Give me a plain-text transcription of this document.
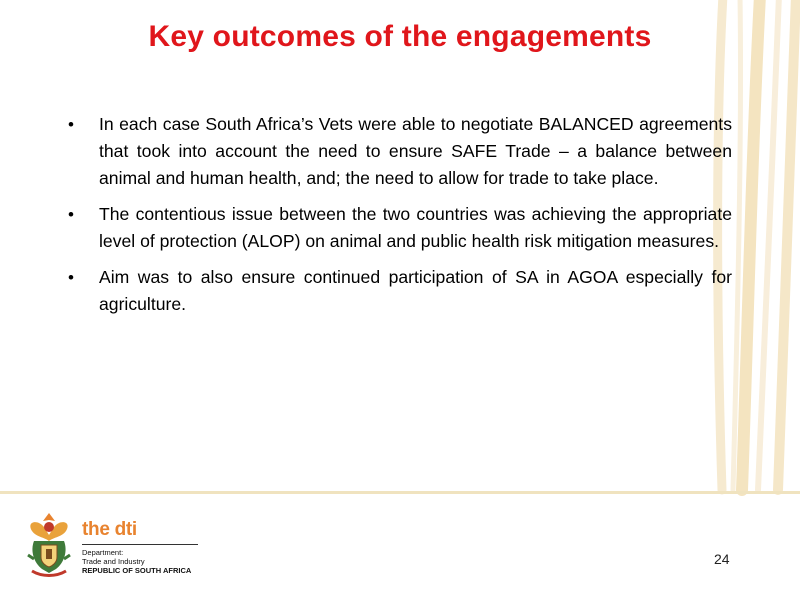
Key outcomes of the engagements
• In each case South Africa’s Vets were able to negotiate BALANCED agreements that took into account the need to ensure SAFE Trade – a balance between animal and human health, and; the need to allow for trade to take place.
• The contentious issue between the two countries was achieving the appropriate level of protection (ALOP) on animal and public health risk mitigation measures.
• Aim was to also ensure continued participation of SA in AGOA especially for agriculture.
the dti
Department:
Trade and Industry
REPUBLIC OF SOUTH AFRICA
24
